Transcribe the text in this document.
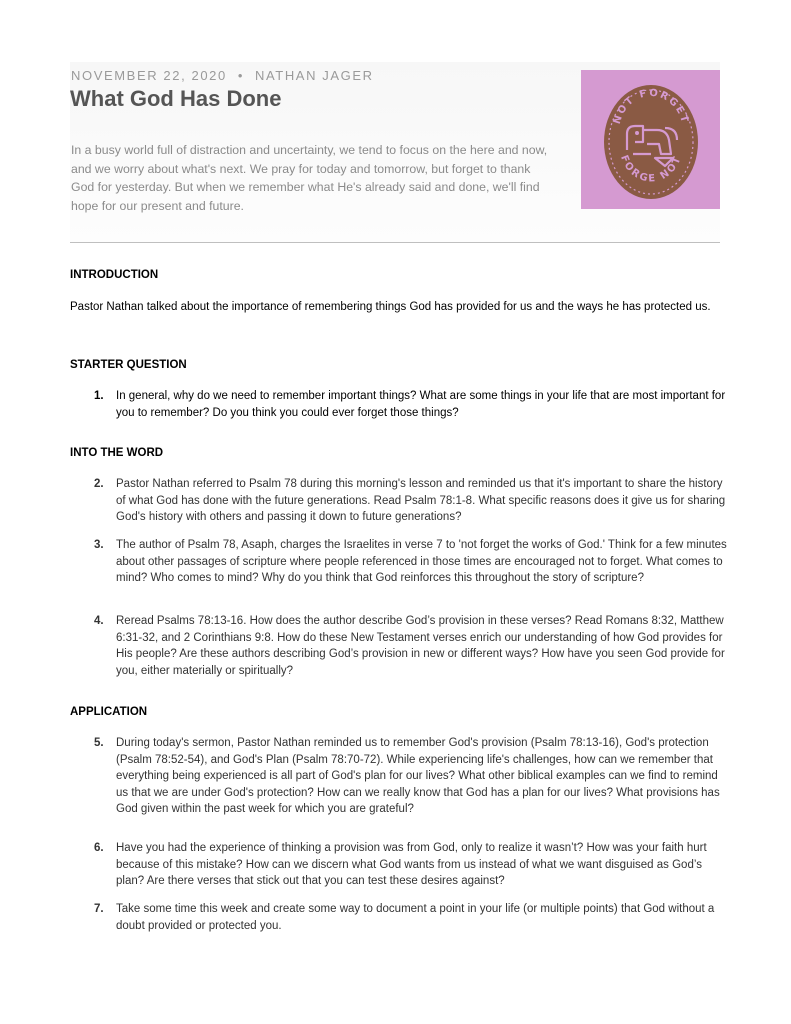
NOVEMBER 22, 2020 • NATHAN JAGER
What God Has Done

In a busy world full of distraction and uncertainty, we tend to focus on the here and now, and we worry about what's next. We pray for today and tomorrow, but forget to thank God for yesterday. But when we remember what He's already said and done, we'll find hope for our present and future.

NOT FORGET
FORGE NOT
INTRODUCTION

Pastor Nathan talked about the importance of remembering things God has provided for us and the ways he has protected us.

STARTER QUESTION
1. In general, why do we need to remember important things? What are some things in your life that are most important for you to remember? Do you think you could ever forget those things?
INTO THE WORD
2. Pastor Nathan referred to Psalm 78 during this morning's lesson and reminded us that it's important to share the history of what God has done with the future generations. Read Psalm 78:1-8. What specific reasons does it give us for sharing God's history with others and passing it down to future generations?
3. The author of Psalm 78, Asaph, charges the Israelites in verse 7 to 'not forget the works of God.' Think for a few minutes about other passages of scripture where people referenced in those times are encouraged not to forget. What comes to mind? Who comes to mind? Why do you think that God reinforces this throughout the story of scripture?
4. Reread Psalms 78:13-16. How does the author describe God’s provision in these verses? Read Romans 8:32, Matthew 6:31-32, and 2 Corinthians 9:8. How do these New Testament verses enrich our understanding of how God provides for His people? Are these authors describing God’s provision in new or different ways? How have you seen God provide for you, either materially or spiritually?
APPLICATION
5. During today's sermon, Pastor Nathan reminded us to remember God's provision (Psalm 78:13-16), God's protection (Psalm 78:52-54), and God's Plan (Psalm 78:70-72). While experiencing life's challenges, how can we remember that everything being experienced is all part of God's plan for our lives? What other biblical examples can we find to remind us that we are under God's protection? How can we really know that God has a plan for our lives? What provisions has God given within the past week for which you are grateful?
6. Have you had the experience of thinking a provision was from God, only to realize it wasn’t? How was your faith hurt because of this mistake? How can we discern what God wants from us instead of what we want disguised as God’s plan? Are there verses that stick out that you can test these desires against?
7. Take some time this week and create some way to document a point in your life (or multiple points) that God without a doubt provided or protected you.
